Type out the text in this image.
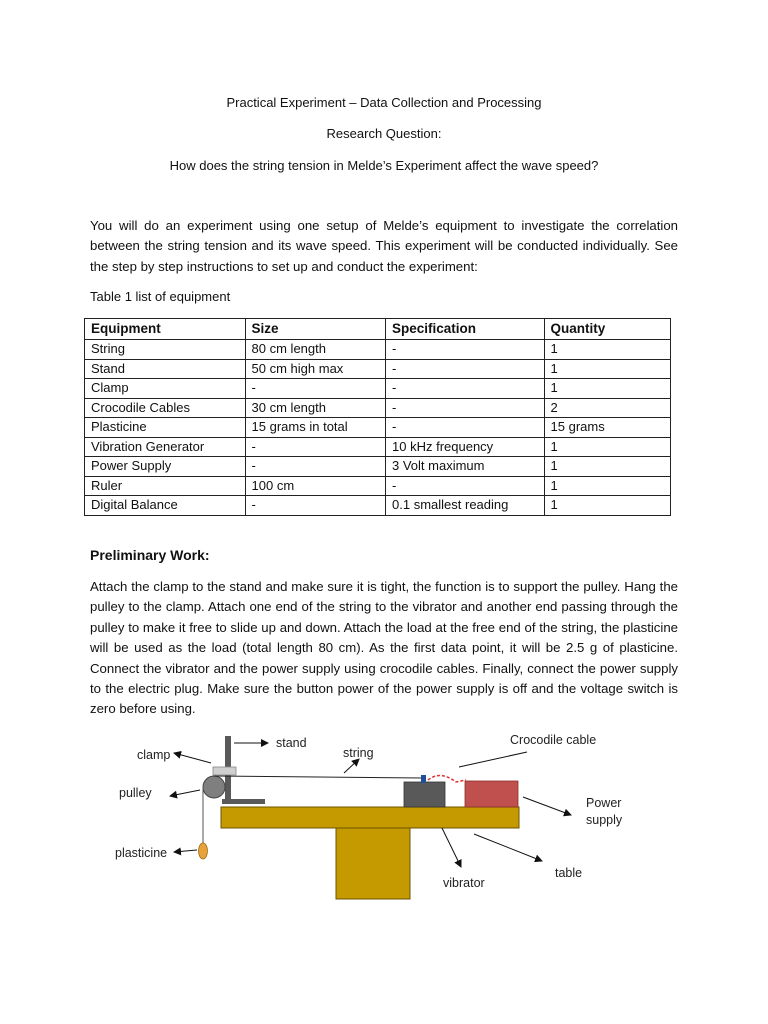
Practical Experiment – Data Collection and Processing
Research Question:
How does the string tension in Melde’s Experiment affect the wave speed?
You will do an experiment using one setup of Melde’s equipment to investigate the correlation between the string tension and its wave speed. This experiment will be conducted individually. See the step by step instructions to set up and conduct the experiment:
Table 1 list of equipment
Equipment	Size	Specification	Quantity
String	80 cm length	-	1
Stand	50 cm high max	-	1
Clamp	-	-	1
Crocodile Cables	30 cm length	-	2
Plasticine	15 grams in total	-	15 grams
Vibration Generator	-	10 kHz frequency	1
Power Supply	-	3 Volt maximum	1
Ruler	100 cm	-	1
Digital Balance	-	0.1 smallest reading	1
Preliminary Work:
Attach the clamp to the stand and make sure it is tight, the function is to support the pulley. Hang the pulley to the clamp. Attach one end of the string to the vibrator and another end passing through the pulley to make it free to slide up and down. Attach the load at the free end of the string, the plasticine will be used as the load (total length 80 cm). As the first data point, it will be 2.5 g of plasticine. Connect the vibrator and the power supply using crocodile cables. Finally, connect the power supply to the electric plug. Make sure the button power of the power supply is off and the voltage switch is zero before using.
clamp
stand
string
Crocodile cable
pulley
Power
supply
plasticine
table
vibrator
